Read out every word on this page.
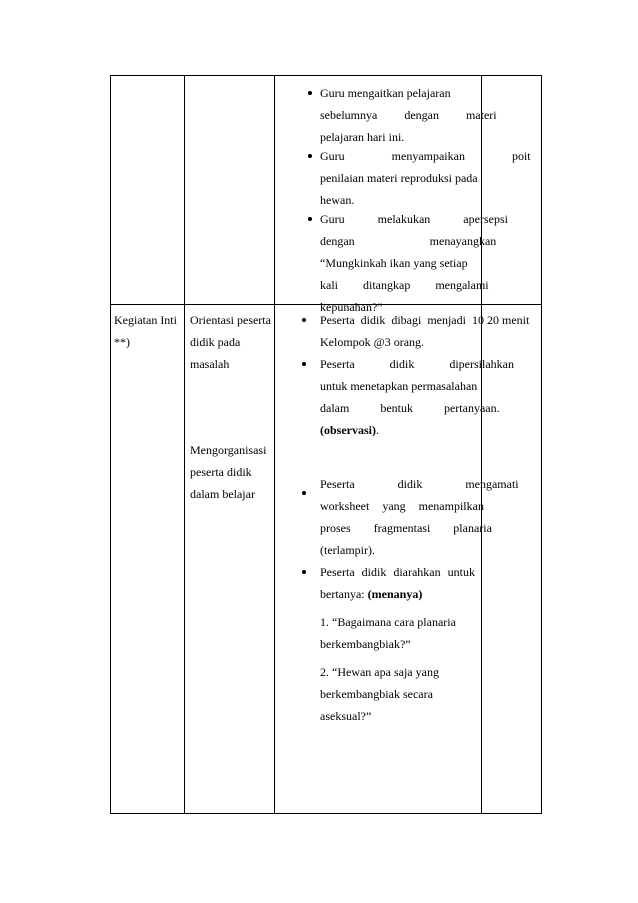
Guru mengaitkan pelajaran
sebelumnya dengan materi
pelajaran hari ini.
Guru menyampaikan poit
penilaian materi reproduksi pada
hewan.
Guru melakukan apersepsi
dengan menayangkan
“Mungkinkah ikan yang setiap
kali ditangkap mengalami
kepunahan?”
Kegiatan Inti
**)
Orientasi peserta
didik pada
masalah
Mengorganisasi
peserta didik
dalam belajar
20 menit
Peserta didik dibagi menjadi 10
Kelompok @3 orang.
Peserta didik dipersilahkan
untuk menetapkan permasalahan
dalam bentuk pertanyaan.
(observasi).
Peserta didik mengamati
worksheet yang menampilkan
proses fragmentasi planaria
(terlampir).
Peserta didik diarahkan untuk
bertanya: (menanya)
1. “Bagaimana cara planaria
berkembangbiak?”
2. “Hewan apa saja yang
berkembangbiak secara
aseksual?”
